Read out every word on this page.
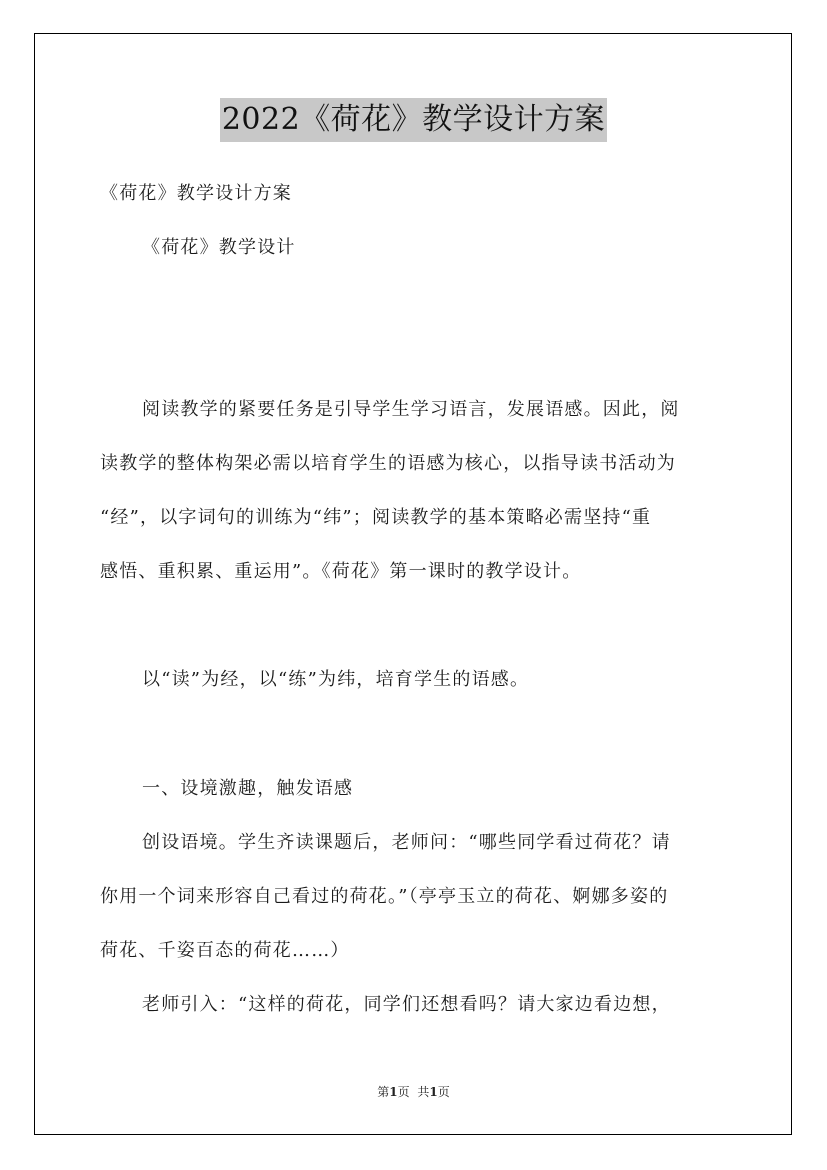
2022《荷花》教学设计方案
《荷花》教学设计方案
《荷花》教学设计
阅读教学的紧要任务是引导学生学习语言，发展语感。因此，阅
读教学的整体构架必需以培育学生的语感为核心，以指导读书活动为
“经”，以字词句的训练为“纬”；阅读教学的基本策略必需坚持“重
感悟、重积累、重运用”。《荷花》第一课时的教学设计。
以“读”为经，以“练”为纬，培育学生的语感。
一、设境激趣，触发语感
创设语境。学生齐读课题后，老师问：“哪些同学看过荷花？请
你用一个词来形容自己看过的荷花。”（亭亭玉立的荷花、婀娜多姿的
荷花、千姿百态的荷花……）
老师引入：“这样的荷花，同学们还想看吗？请大家边看边想，
第1页 共1页
